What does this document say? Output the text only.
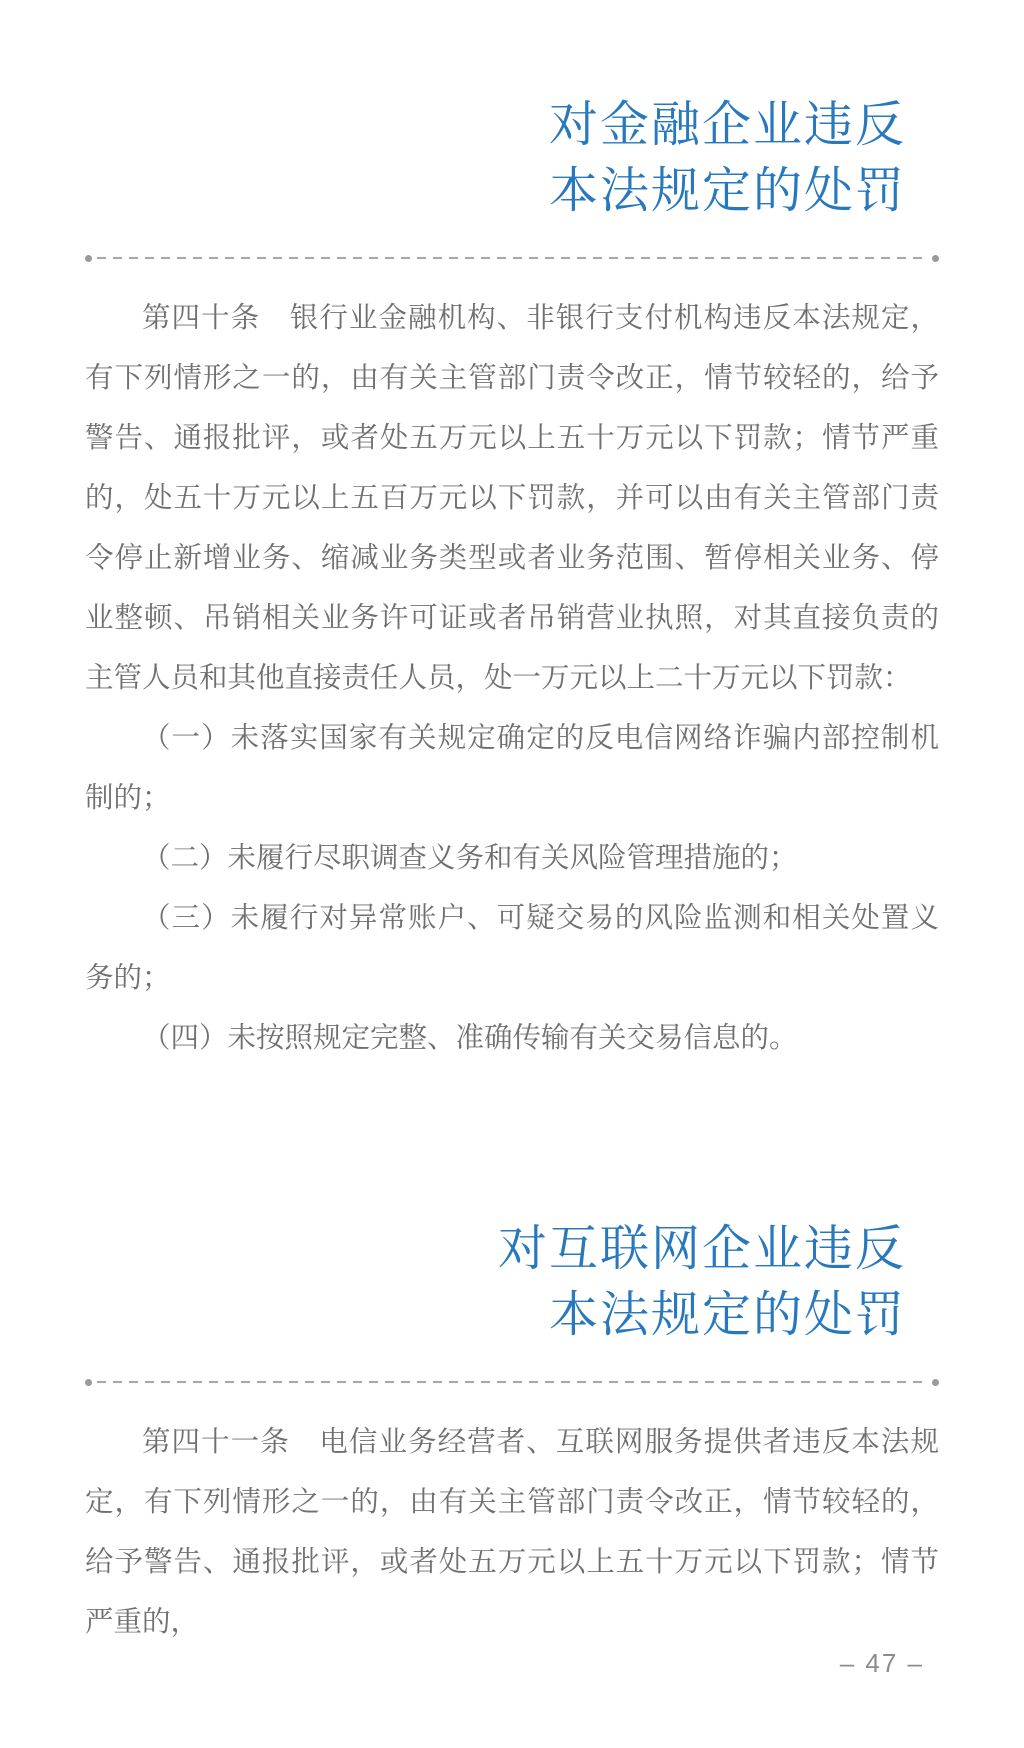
对金融企业违反
本法规定的处罚

第四十条　银行业金融机构、非银行支付机构违反本法规定，有下列情形之一的，由有关主管部门责令改正，情节较轻的，给予警告、通报批评，或者处五万元以上五十万元以下罚款；情节严重的，处五十万元以上五百万元以下罚款，并可以由有关主管部门责令停止新增业务、缩减业务类型或者业务范围、暂停相关业务、停业整顿、吊销相关业务许可证或者吊销营业执照，对其直接负责的主管人员和其他直接责任人员，处一万元以上二十万元以下罚款：

（一）未落实国家有关规定确定的反电信网络诈骗内部控制机制的；

（二）未履行尽职调查义务和有关风险管理措施的；

（三）未履行对异常账户、可疑交易的风险监测和相关处置义务的；

（四）未按照规定完整、准确传输有关交易信息的。

对互联网企业违反
本法规定的处罚

第四十一条　电信业务经营者、互联网服务提供者违反本法规定，有下列情形之一的，由有关主管部门责令改正，情节较轻的，给予警告、通报批评，或者处五万元以上五十万元以下罚款；情节严重的，

– 47 –
